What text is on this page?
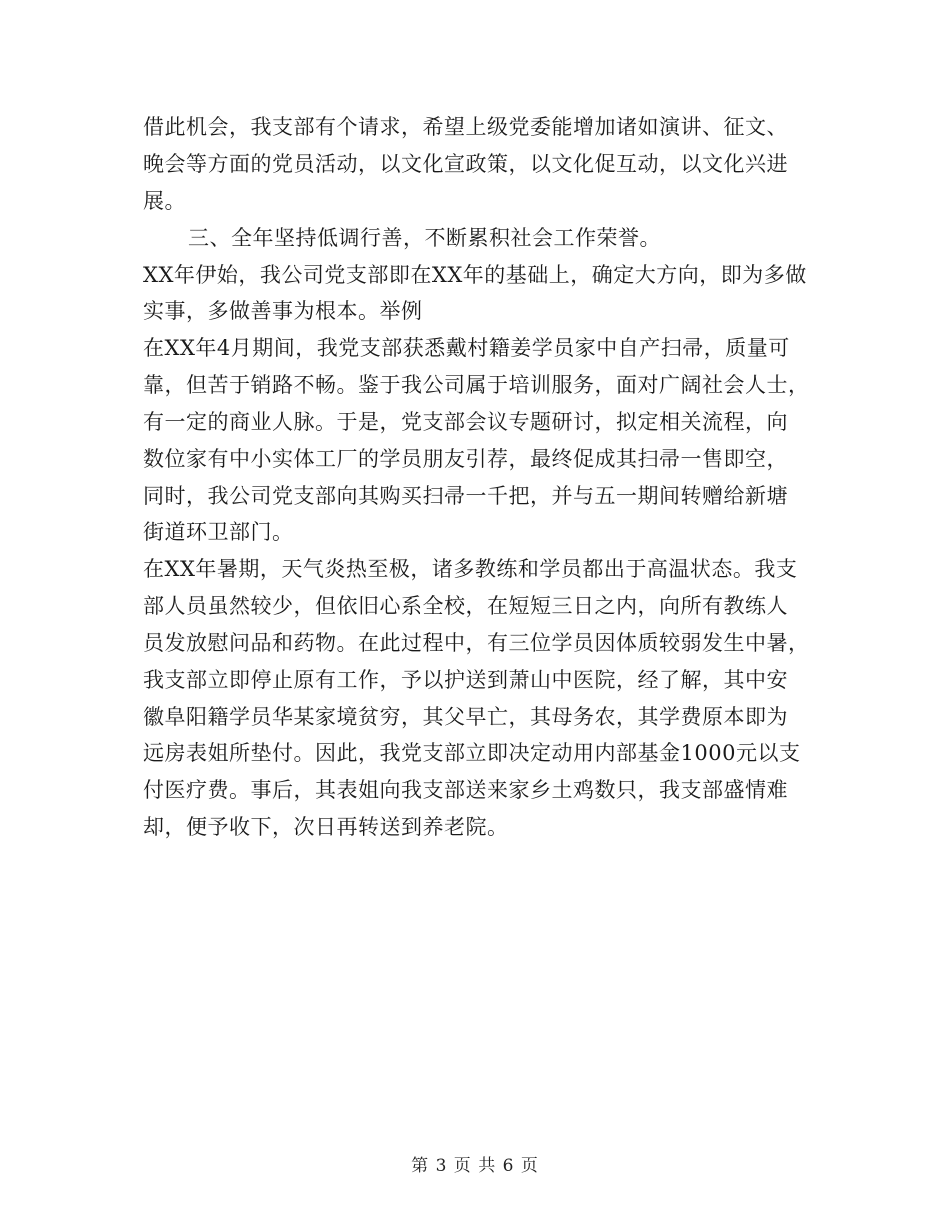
借此机会，我支部有个请求，希望上级党委能增加诸如演讲、征文、
晚会等方面的党员活动，以文化宣政策，以文化促互动，以文化兴进
展。
三、全年坚持低调行善，不断累积社会工作荣誉。
XX年伊始，我公司党支部即在XX年的基础上，确定大方向，即为多做
实事，多做善事为根本。举例
在XX年4月期间，我党支部获悉戴村籍姜学员家中自产扫帚，质量可
靠，但苦于销路不畅。鉴于我公司属于培训服务，面对广阔社会人士，
有一定的商业人脉。于是，党支部会议专题研讨，拟定相关流程，向
数位家有中小实体工厂的学员朋友引荐，最终促成其扫帚一售即空，
同时，我公司党支部向其购买扫帚一千把，并与五一期间转赠给新塘
街道环卫部门。
在XX年暑期，天气炎热至极，诸多教练和学员都出于高温状态。我支
部人员虽然较少，但依旧心系全校，在短短三日之内，向所有教练人
员发放慰问品和药物。在此过程中，有三位学员因体质较弱发生中暑，
我支部立即停止原有工作，予以护送到萧山中医院，经了解，其中安
徽阜阳籍学员华某家境贫穷，其父早亡，其母务农，其学费原本即为
远房表姐所垫付。因此，我党支部立即决定动用内部基金1000元以支
付医疗费。事后，其表姐向我支部送来家乡土鸡数只，我支部盛情难
却，便予收下，次日再转送到养老院。
第 3 页 共 6 页
